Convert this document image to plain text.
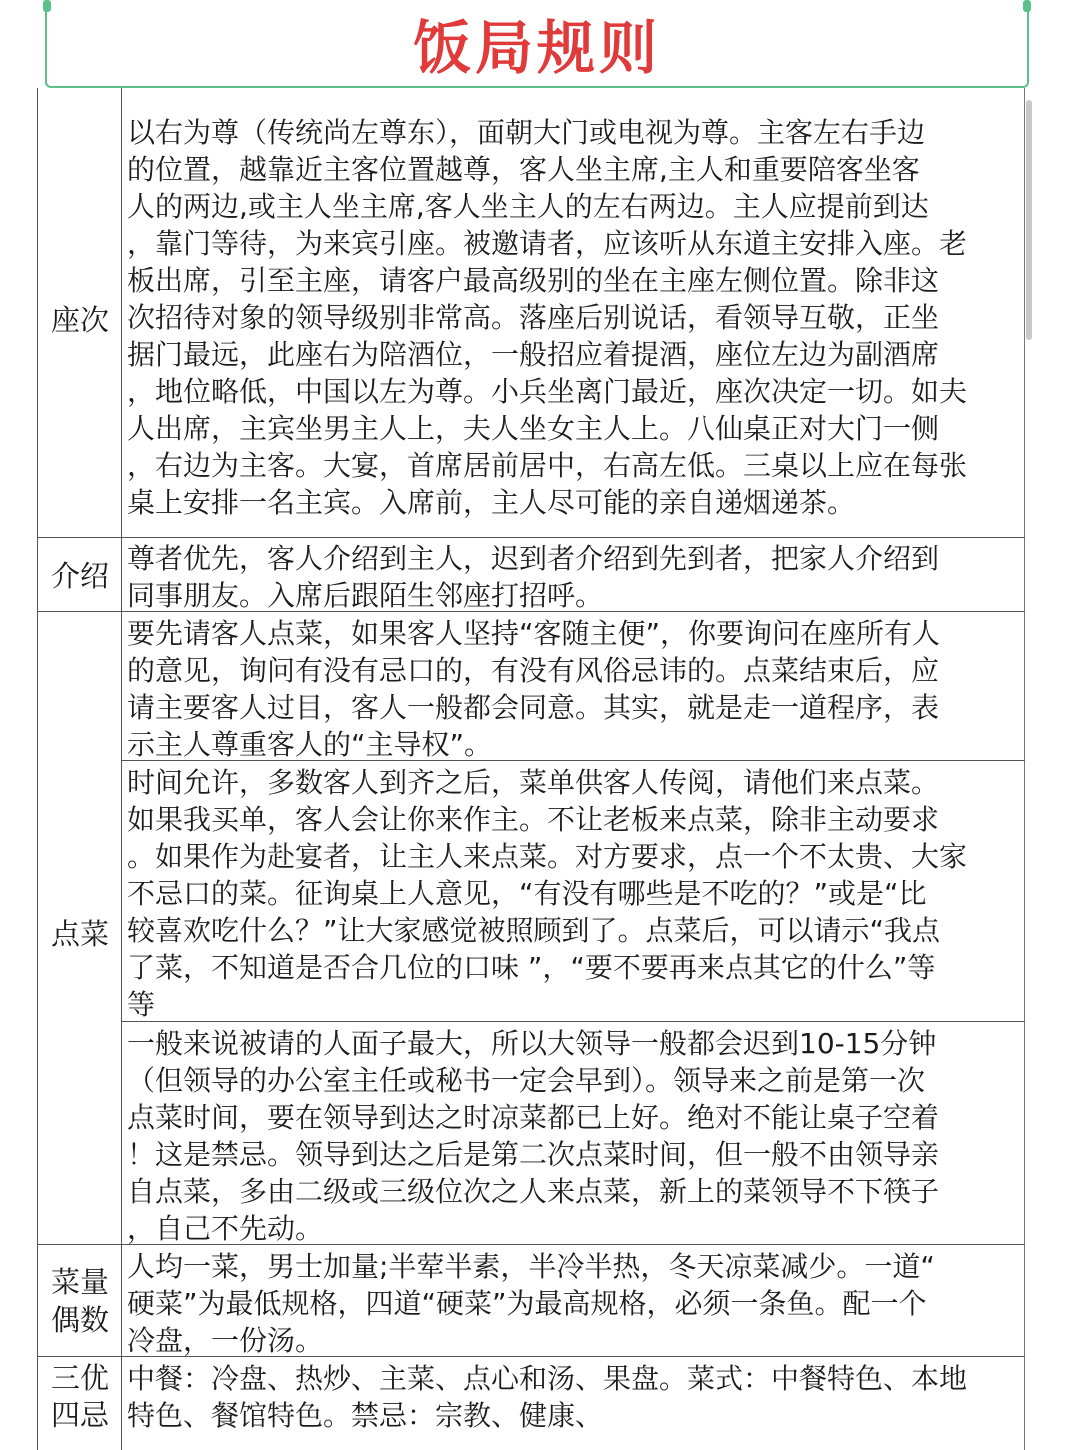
饭局规则
座次
以右为尊（传统尚左尊东），面朝大门或电视为尊。主客左右手边
的位置，越靠近主客位置越尊，客人坐主席,主人和重要陪客坐客
人的两边,或主人坐主席,客人坐主人的左右两边。主人应提前到达
，靠门等待，为来宾引座。被邀请者，应该听从东道主安排入座。老
板出席，引至主座，请客户最高级别的坐在主座左侧位置。除非这
次招待对象的领导级别非常高。落座后别说话，看领导互敬，正坐
据门最远，此座右为陪酒位，一般招应着提酒，座位左边为副酒席
，地位略低，中国以左为尊。小兵坐离门最近，座次决定一切。如夫
人出席，主宾坐男主人上，夫人坐女主人上。八仙桌正对大门一侧
，右边为主客。大宴，首席居前居中，右高左低。三桌以上应在每张
桌上安排一名主宾。入席前，主人尽可能的亲自递烟递茶。
介绍
尊者优先，客人介绍到主人，迟到者介绍到先到者，把家人介绍到
同事朋友。入席后跟陌生邻座打招呼。
点菜
要先请客人点菜，如果客人坚持“客随主便”，你要询问在座所有人
的意见，询问有没有忌口的，有没有风俗忌讳的。点菜结束后，应
请主要客人过目，客人一般都会同意。其实，就是走一道程序，表
示主人尊重客人的“主导权”。
时间允许，多数客人到齐之后，菜单供客人传阅，请他们来点菜。
如果我买单，客人会让你来作主。不让老板来点菜，除非主动要求
。如果作为赴宴者，让主人来点菜。对方要求，点一个不太贵、大家
不忌口的菜。征询桌上人意见，“有没有哪些是不吃的？”或是“比
较喜欢吃什么？”让大家感觉被照顾到了。点菜后，可以请示“我点
了菜，不知道是否合几位的口味 ”，“要不要再来点其它的什么”等
等
一般来说被请的人面子最大，所以大领导一般都会迟到10-15分钟
（但领导的办公室主任或秘书一定会早到）。领导来之前是第一次
点菜时间，要在领导到达之时凉菜都已上好。绝对不能让桌子空着
！这是禁忌。领导到达之后是第二次点菜时间，但一般不由领导亲
自点菜，多由二级或三级位次之人来点菜，新上的菜领导不下筷子
，自己不先动。
菜量
偶数
人均一菜，男士加量;半荤半素，半冷半热，冬天凉菜减少。一道“
硬菜”为最低规格，四道“硬菜”为最高规格，必须一条鱼。配一个
冷盘，一份汤。
三优
四忌
中餐：冷盘、热炒、主菜、点心和汤、果盘。菜式：中餐特色、本地
特色、餐馆特色。禁忌：宗教、健康、
